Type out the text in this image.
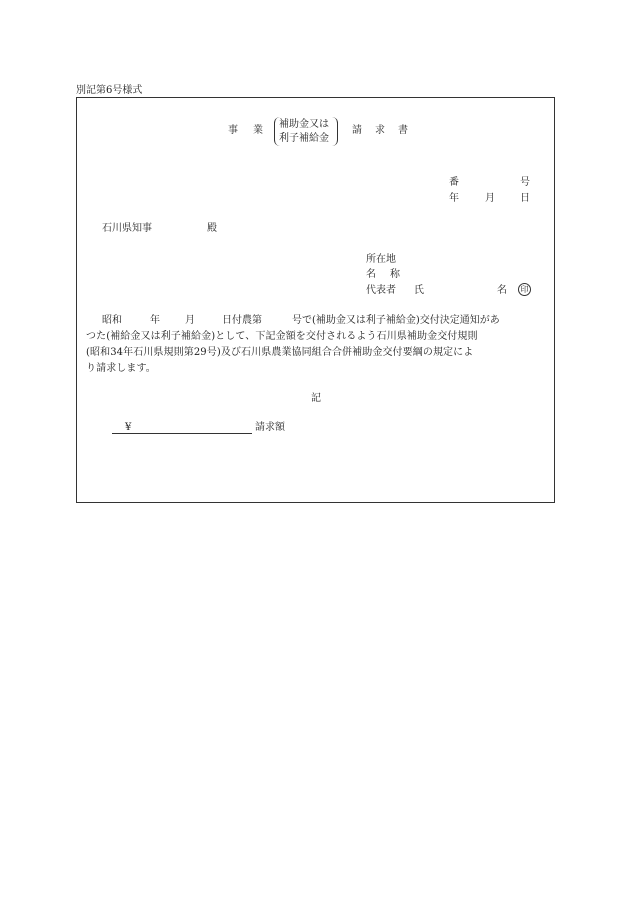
別記第6号様式
事 業
補助金又は
利子補給金
請 求 書
番	号
年	月	日
石川県知事	殿
所在地
名 称
代表者 氏	名	印
昭和	年	月	日付農第	号で(補助金又は利子補給金)交付決定通知があ
つた(補給金又は利子補給金)として、下記金額を交付されるよう石川県補助金交付規則
(昭和34年石川県規則第29号)及び石川県農業協同組合合併補助金交付要綱の規定によ
り請求します。
記
¥	請求額
